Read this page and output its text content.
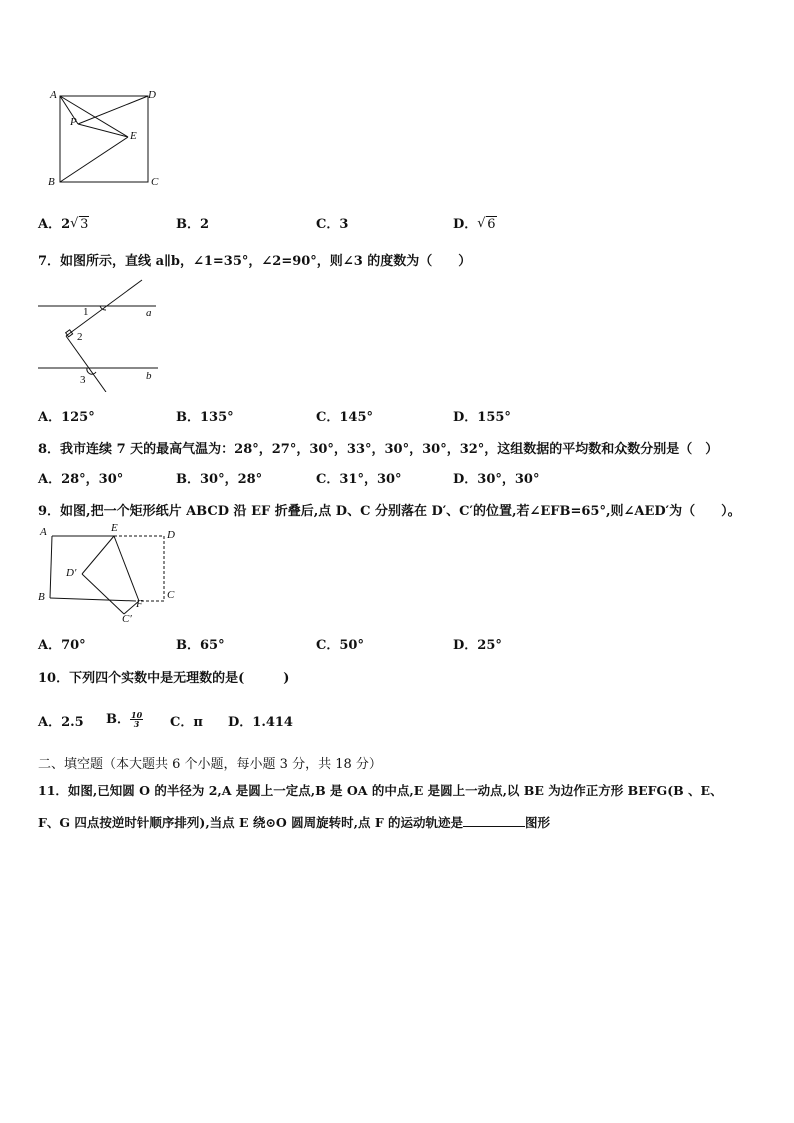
A	D
P
E
B	C
A．2 √ 3	B．2	C．3	D． √ 6
7．如图所示，直线 a∥b，∠1=35°，∠2=90°，则∠3 的度数为（　　）
1
2
3
a
b
A．125°	B．135°	C．145°	D．155°
8．我市连续 7 天的最高气温为：28°，27°，30°，33°，30°，30°，32°，这组数据的平均数和众数分别是（　）
A．28°，30°	B．30°，28°	C．31°，30°	D．30°，30°
9．如图,把一个矩形纸片 ABCD 沿 EF 折叠后,点 D、C 分别落在 D′、C′的位置,若∠EFB=65°,则∠AED′为（　　）。
A	E
D
D′
B
F
C
C′
A．70°	B．65°	C．50°	D．25°
10．下列四个实数中是无理数的是(　　　)
A．2.5 B． $\frac{10}{3}$ C．π D．1.414
二、填空题（本大题共 6 个小题，每小题 3 分，共 18 分）
11．如图,已知圆 O 的半径为 2,A 是圆上一定点,B 是 OA 的中点,E 是圆上一动点,以 BE 为边作正方形 BEFG(B 、E、
F、G 四点按逆时针顺序排列),当点 E 绕⊙O 圆周旋转时,点 F 的运动轨迹是	图形
